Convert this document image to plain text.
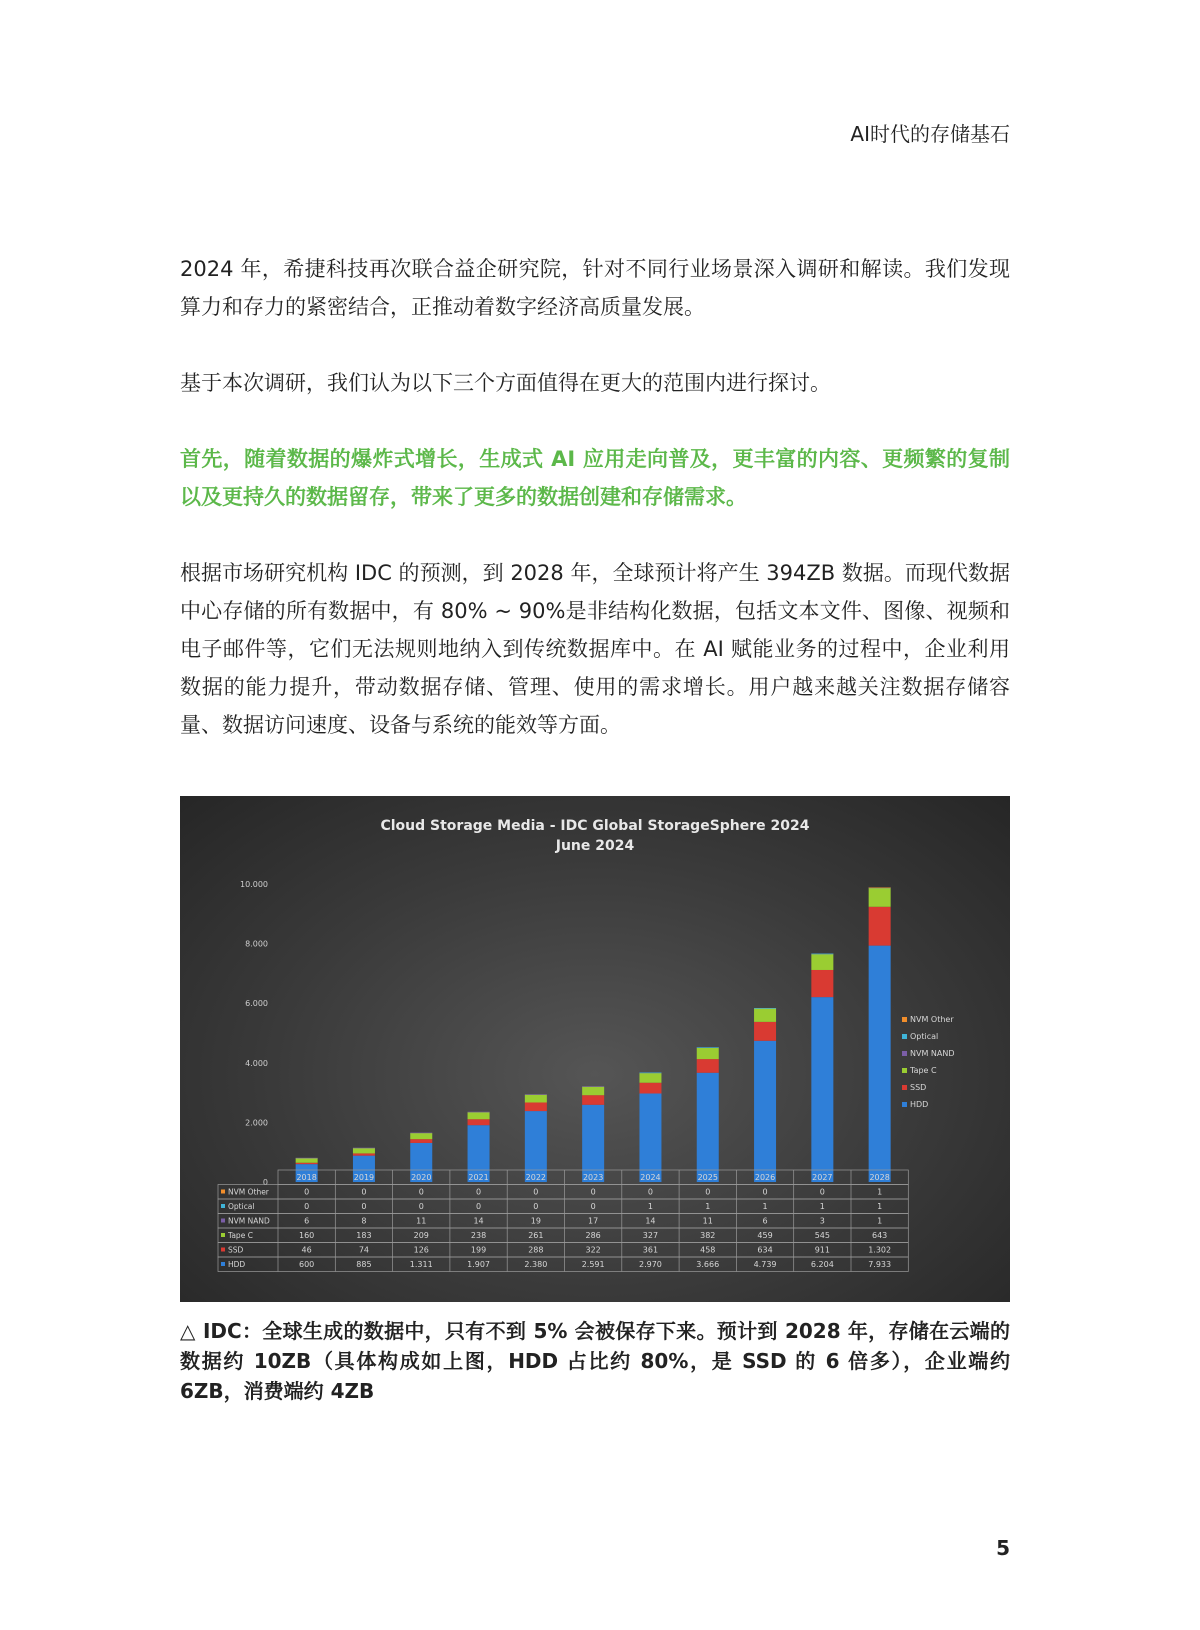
AI时代的存储基石
2024 年，希捷科技再次联合益企研究院，针对不同行业场景深入调研和解读。我们发现算力和存力的紧密结合，正推动着数字经济高质量发展。
基于本次调研，我们认为以下三个方面值得在更大的范围内进行探讨。
首先，随着数据的爆炸式增长，生成式 AI 应用走向普及，更丰富的内容、更频繁的复制以及更持久的数据留存，带来了更多的数据创建和存储需求。
根据市场研究机构 IDC 的预测，到 2028 年，全球预计将产生 394ZB 数据。而现代数据中心存储的所有数据中，有 80% ~ 90%是非结构化数据，包括文本文件、图像、视频和电子邮件等，它们无法规则地纳入到传统数据库中。在 AI 赋能业务的过程中，企业利用数据的能力提升，带动数据存储、管理、使用的需求增长。用户越来越关注数据存储容量、数据访问速度、设备与系统的能效等方面。
Cloud Storage Media - IDC Global StorageSphere 2024
June 2024
0
2.000
4.000
6.000
8.000
10.000
NVM Other
Optical
NVM NAND
Tape C
SSD
HDD
2018	2019	2020	2021	2022	2023	2024	2025	2026	2027	2028
NVM Other	0	0	0	0	0	0	0	0	0	0	1
Optical	0	0	0	0	0	0	1	1	1	1	1
NVM NAND	6	8	11	14	19	17	14	11	6	3	1
Tape C	160	183	209	238	261	286	327	382	459	545	643
SSD	46	74	126	199	288	322	361	458	634	911	1.302
HDD	600	885	1.311	1.907	2.380	2.591	2.970	3.666	4.739	6.204	7.933
△ IDC：全球生成的数据中，只有不到 5% 会被保存下来。预计到 2028 年，存储在云端的数据约 10ZB（具体构成如上图，HDD 占比约 80%，是 SSD 的 6 倍多），企业端约 6ZB，消费端约 4ZB
5
